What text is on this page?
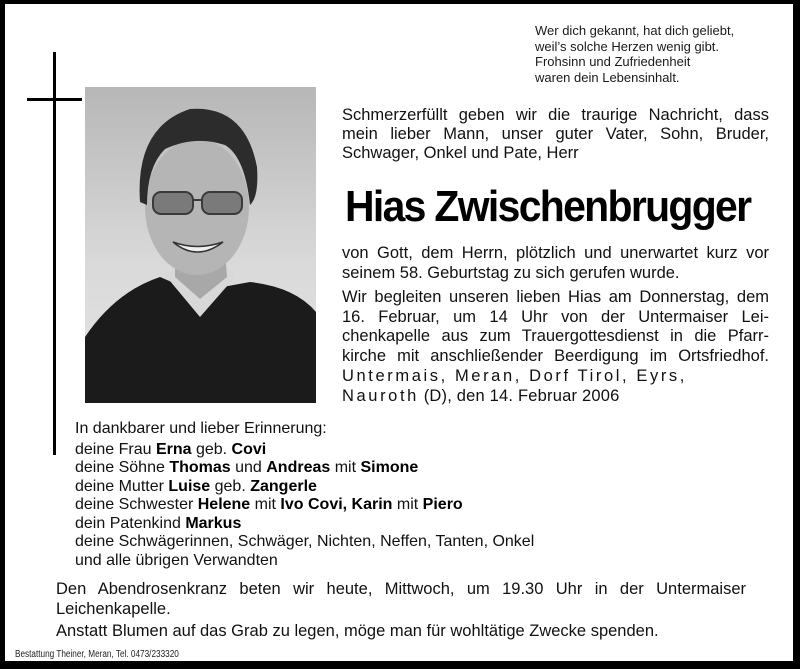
Wer dich gekannt, hat dich geliebt,
weil’s solche Herzen wenig gibt.
Frohsinn und Zufriedenheit
waren dein Lebensinhalt.
Schmerzerfüllt geben wir die traurige Nachricht, dass
mein lieber Mann, unser guter Vater, Sohn, Bruder,
Schwager, Onkel und Pate, Herr
Hias Zwischenbrugger
von Gott, dem Herrn, plötzlich und unerwartet kurz vor
seinem 58. Geburtstag zu sich gerufen wurde.
Wir begleiten unseren lieben Hias am Donnerstag, dem
16. Februar, um 14 Uhr von der Untermaiser Lei-
chenkapelle aus zum Trauergottesdienst in die Pfarr-
kirche mit anschließender Beerdigung im Ortsfriedhof.
Untermais, Meran, Dorf Tirol, Eyrs,
Nauroth (D), den 14. Februar 2006
In dankbarer und lieber Erinnerung:
deine Frau Erna geb. Covi
deine Söhne Thomas und Andreas mit Simone
deine Mutter Luise geb. Zangerle
deine Schwester Helene mit Ivo Covi, Karin mit Piero
dein Patenkind Markus
deine Schwägerinnen, Schwäger, Nichten, Neffen, Tanten, Onkel
und alle übrigen Verwandten
Den Abendrosenkranz beten wir heute, Mittwoch, um 19.30 Uhr in der Untermaiser
Leichenkapelle.
Anstatt Blumen auf das Grab zu legen, möge man für wohltätige Zwecke spenden.
Bestattung Theiner, Meran, Tel. 0473/233320
